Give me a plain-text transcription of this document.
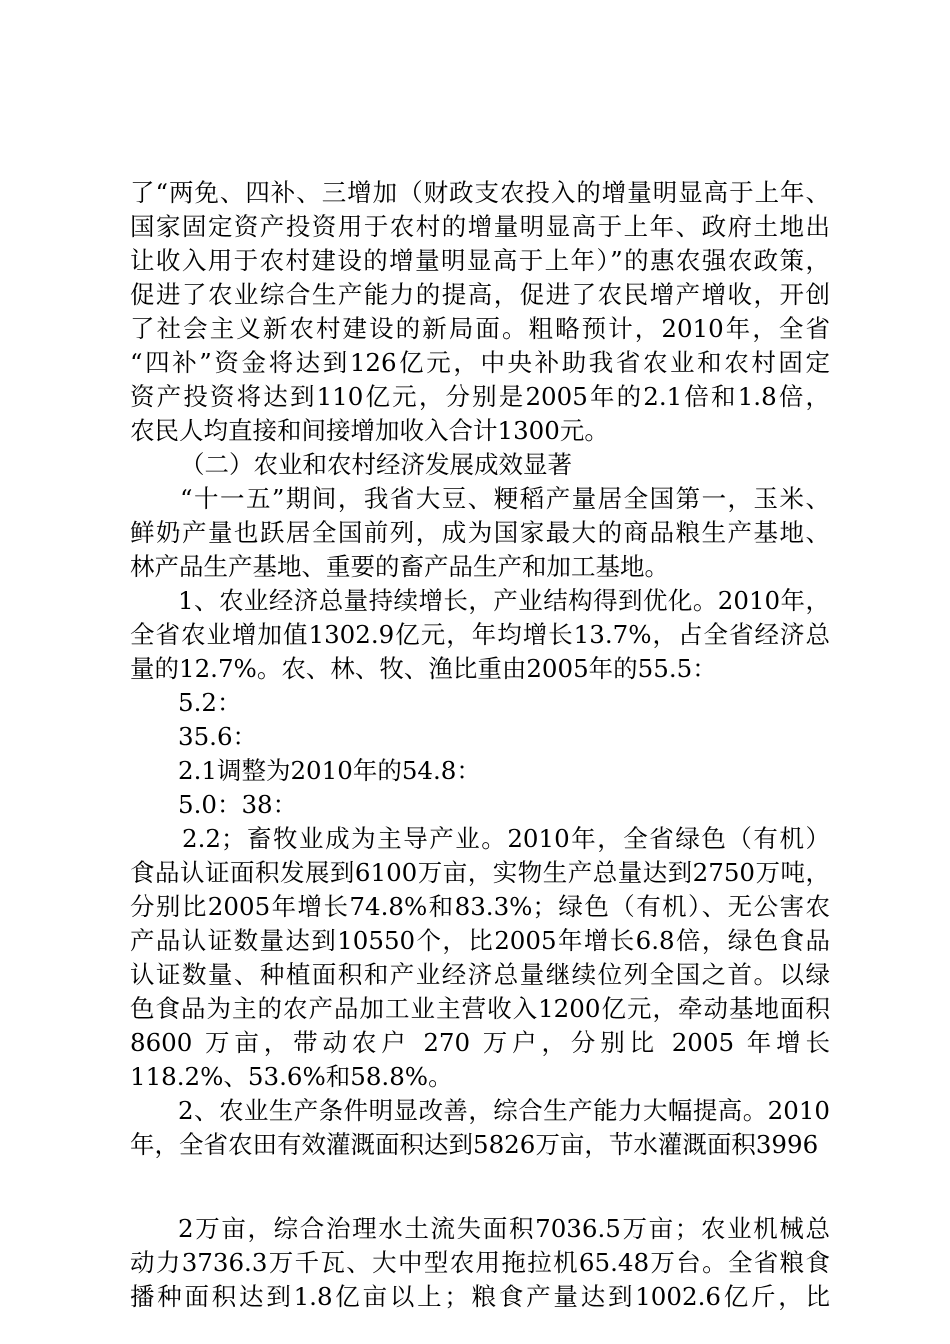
了“两免、四补、三增加（财政支农投入的增量明显高于上年、
国家固定资产投资用于农村的增量明显高于上年、政府土地出
让收入用于农村建设的增量明显高于上年）”的惠农强农政策，
促进了农业综合生产能力的提高，促进了农民增产增收，开创
了社会主义新农村建设的新局面。粗略预计，2010年，全省
“四补”资金将达到126亿元，中央补助我省农业和农村固定
资产投资将达到110亿元，分别是2005年的2.1倍和1.8倍，
农民人均直接和间接增加收入合计1300元。
（二）农业和农村经济发展成效显著
“十一五”期间，我省大豆、粳稻产量居全国第一，玉米、
鲜奶产量也跃居全国前列，成为国家最大的商品粮生产基地、
林产品生产基地、重要的畜产品生产和加工基地。
1、农业经济总量持续增长，产业结构得到优化。2010年，
全省农业增加值1302.9亿元，年均增长13.7%，占全省经济总
量的12.7%。农、林、牧、渔比重由2005年的55.5：
5.2：
35.6：
2.1调整为2010年的54.8：
5.0：38：
2.2；畜牧业成为主导产业。2010年，全省绿色（有机）
食品认证面积发展到6100万亩，实物生产总量达到2750万吨，
分别比2005年增长74.8%和83.3%；绿色（有机）、无公害农
产品认证数量达到10550个，比2005年增长6.8倍，绿色食品
认证数量、种植面积和产业经济总量继续位列全国之首。以绿
色食品为主的农产品加工业主营收入1200亿元，牵动基地面积
8600 万亩，带动农户 270 万户，分别比 2005 年增长
118.2%、53.6%和58.8%。
2、农业生产条件明显改善，综合生产能力大幅提高。2010
年，全省农田有效灌溉面积达到5826万亩，节水灌溉面积3996
2万亩，综合治理水土流失面积7036.5万亩；农业机械总
动力3736.3万千瓦、大中型农用拖拉机65.48万台。全省粮食
播种面积达到1.8亿亩以上；粮食产量达到1002.6亿斤，比
